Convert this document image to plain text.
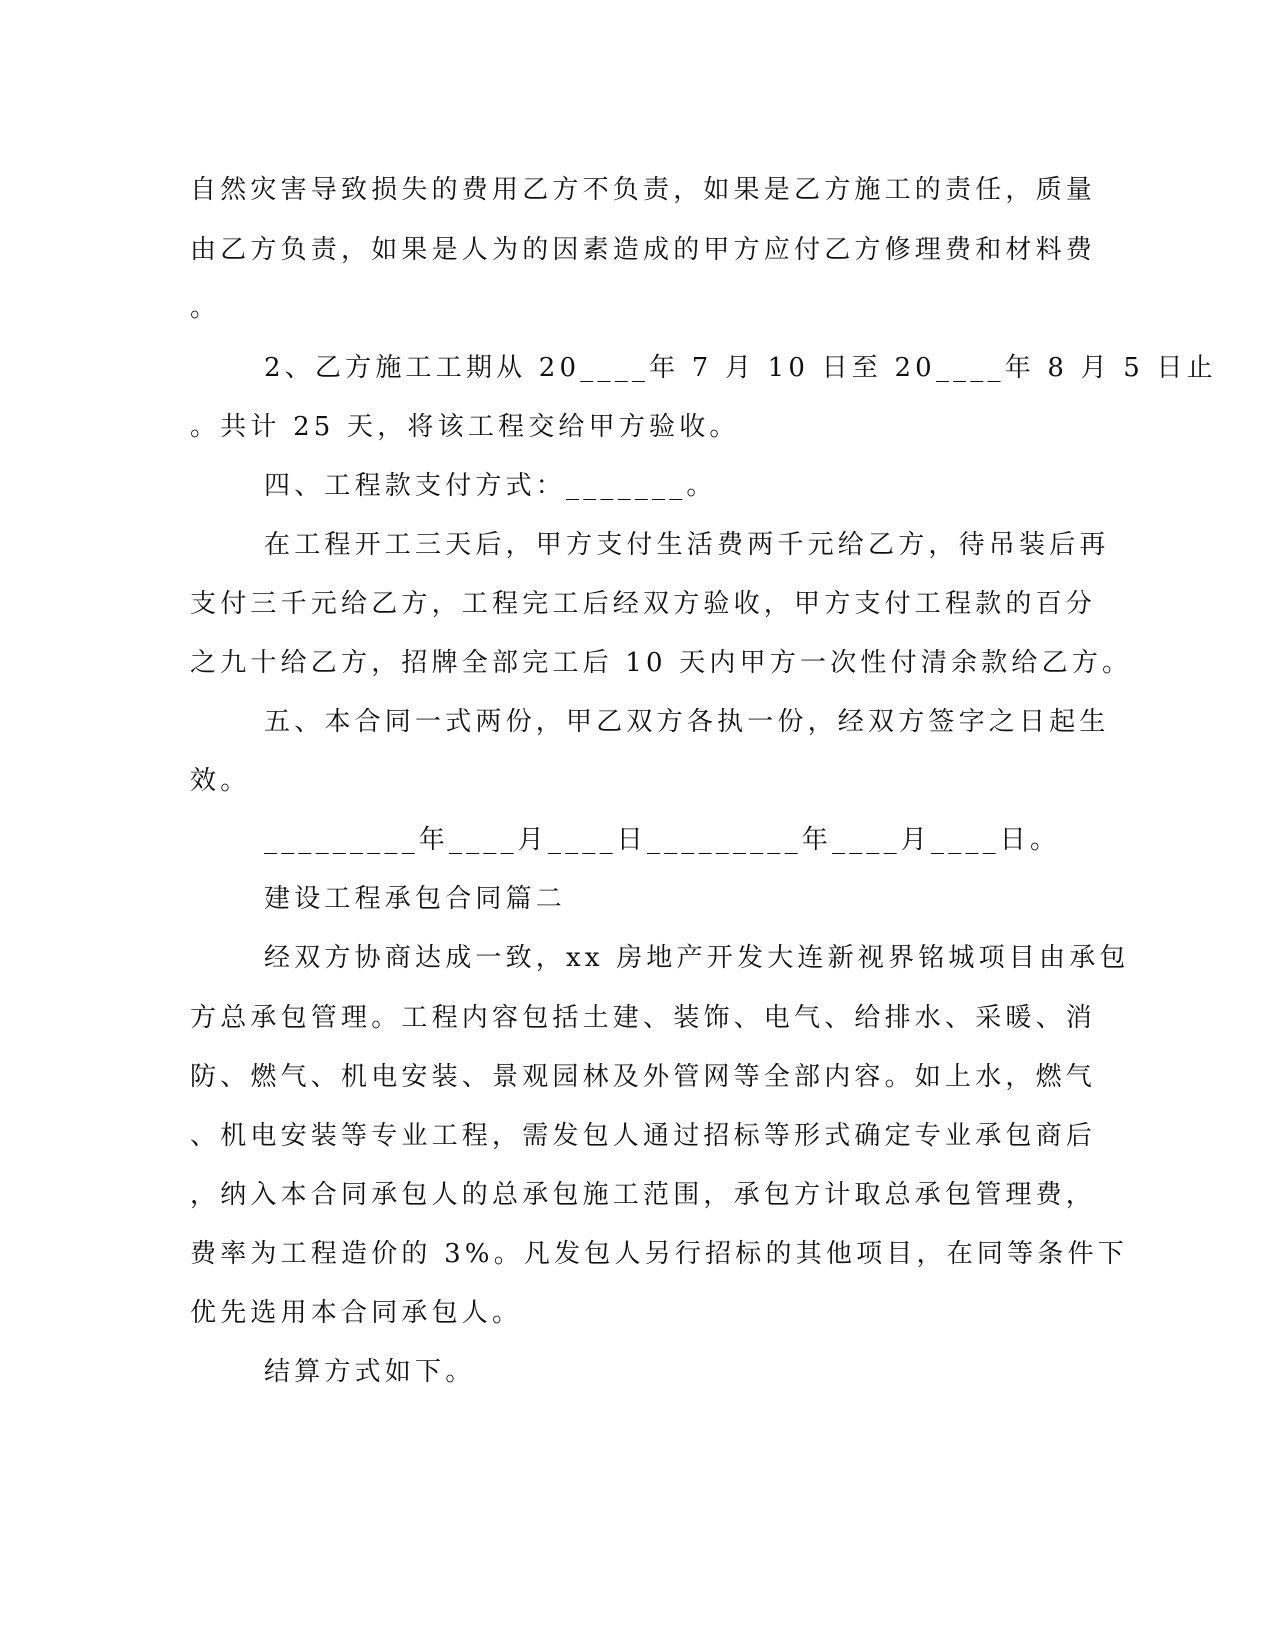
自然灾害导致损失的费用乙方不负责，如果是乙方施工的责任，质量
由乙方负责，如果是人为的因素造成的甲方应付乙方修理费和材料费
。
2、乙方施工工期从 20____年 7 月 10 日至 20____年 8 月 5 日止
。共计 25 天，将该工程交给甲方验收。
四、工程款支付方式：_______。
在工程开工三天后，甲方支付生活费两千元给乙方，待吊装后再
支付三千元给乙方，工程完工后经双方验收，甲方支付工程款的百分
之九十给乙方，招牌全部完工后 10 天内甲方一次性付清余款给乙方。
五、本合同一式两份，甲乙双方各执一份，经双方签字之日起生
效。
_________年____月____日_________年____月____日。
建设工程承包合同篇二
经双方协商达成一致，xx 房地产开发大连新视界铭城项目由承包
方总承包管理。工程内容包括土建、装饰、电气、给排水、采暖、消
防、燃气、机电安装、景观园林及外管网等全部内容。如上水，燃气
、机电安装等专业工程，需发包人通过招标等形式确定专业承包商后
，纳入本合同承包人的总承包施工范围，承包方计取总承包管理费，
费率为工程造价的 3%。凡发包人另行招标的其他项目，在同等条件下
优先选用本合同承包人。
结算方式如下。
